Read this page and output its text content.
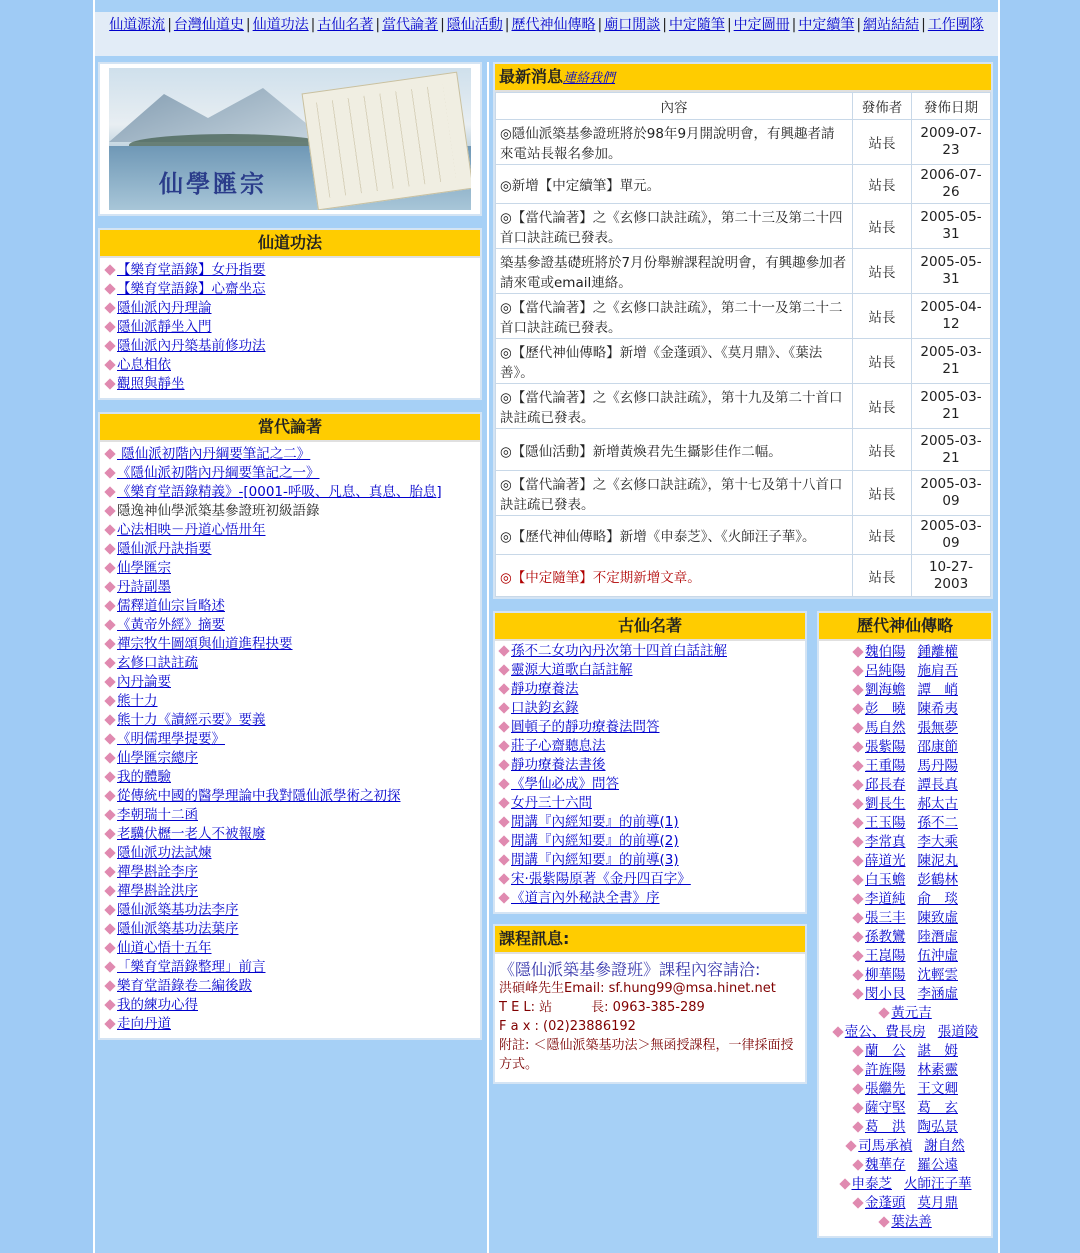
仙道源流 | 台灣仙道史 | 仙道功法 | 古仙名著 | 當代論著 | 隱仙活動 | 歷代神仙傳略 | 廟口閒談 | 中定隨筆 | 中定圖冊 | 中定續筆 | 網站結結 | 工作團隊
仙學匯宗
仙道功法
【樂育堂語錄】女丹指要
【樂育堂語錄】心齋坐忘
隱仙派內丹理論
隱仙派靜坐入門
隱仙派內丹築基前修功法
心息相依
觀照與靜坐
當代論著
隱仙派初階內丹綱要筆記之二》
《隱仙派初階內丹綱要筆記之一》
《樂育堂語錄精義》-[0001-呼吸、凡息、真息、胎息]
隱逸神仙學派築基參證班初級語錄
心法相映－丹道心悟卅年
隱仙派丹訣指要
仙學匯宗
丹詩副墨
儒釋道仙宗旨略述
《黃帝外經》摘要
禪宗牧牛圖頌與仙道進程抉要
玄修口訣註疏
內丹論要
熊十力
熊十力《讀經示要》要義
《明儒理學提要》
仙學匯宗總序
我的體驗
從傳統中國的醫學理論中我對隱仙派學術之初探
李朝瑞十二函
老驥伏櫪一老人不被報廢
隱仙派功法試煉
禪學斟詮李序
禪學斟詮洪序
隱仙派築基功法李序
隱仙派築基功法葉序
仙道心悟十五年
「樂育堂語錄整理」前言
樂育堂語錄卷二編後跋
我的練功心得
走向丹道
最新消息連絡我們
內容	發佈者	發佈日期
◎隱仙派築基參證班將於98年9月開說明會，有興趣者請來電站長報名參加。	站長	2009-07-23
◎新增【中定續筆】單元。	站長	2006-07-26
◎【當代論著】之《玄修口訣註疏》，第二十三及第二十四首口訣註疏已發表。	站長	2005-05-31
築基參證基礎班將於7月份舉辦課程說明會，有興趣參加者請來電或email連絡。	站長	2005-05-31
◎【當代論著】之《玄修口訣註疏》，第二十一及第二十二首口訣註疏已發表。	站長	2005-04-12
◎【歷代神仙傳略】新增《金蓬頭》、《莫月鼎》、《葉法善》。	站長	2005-03-21
◎【當代論著】之《玄修口訣註疏》，第十九及第二十首口訣註疏已發表。	站長	2005-03-21
◎【隱仙活動】新增黃煥君先生攝影佳作二幅。	站長	2005-03-21
◎【當代論著】之《玄修口訣註疏》，第十七及第十八首口訣註疏已發表。	站長	2005-03-09
◎【歷代神仙傳略】新增《申泰芝》、《火師汪子華》。	站長	2005-03-09
◎【中定隨筆】不定期新增文章。	站長	10-27-2003
古仙名著
孫不二女功內丹次第十四首白話註解
靈源大道歌白話註解
靜功療養法
口訣鈞玄錄
圓頓子的靜功療養法問答
莊子心齋聽息法
靜功療養法書後
《學仙必成》問答
女丹三十六問
閒講『內經知要』的前導(1)
閒講『內經知要』的前導(2)
閒講『內經知要』的前導(3)
宋‧張紫陽原著《金丹四百字》
《道言內外秘訣全書》序
課程訊息:
《隱仙派築基參證班》課程內容請洽:
洪碩峰先生Email: sf.hung99@msa.hinet.net
T E L: 站　　　長: 0963-385-289
F a x : (02)23886192
附註: ＜隱仙派築基功法＞無函授課程，一律採面授方式。
歷代神仙傳略
魏伯陽 鍾離權
呂純陽 施肩吾
劉海蟾 譚　峭
彭　曉 陳希夷
馬自然 張無夢
張紫陽 邵康節
王重陽 馬丹陽
邱長春 譚長真
劉長生 郝太古
王玉陽 孫不二
李常真 李大乘
薛道光 陳泥丸
白玉蟾 彭鶴林
李道純 俞　琰
張三丰 陳致虛
孫教鸞 陸潛虛
王崑陽 伍沖虛
柳華陽 沈輕雲
閔小艮 李涵虛
黃元吉
壺公、費長房 張道陵
蘭　公 諶　姆
許旌陽 林素靈
張繼先 王文卿
薩守堅 葛　玄
葛　洪 陶弘景
司馬承禎 謝自然
魏華存 羅公遠
申泰芝 火師汪子華
金蓬頭 莫月鼎
葉法善
